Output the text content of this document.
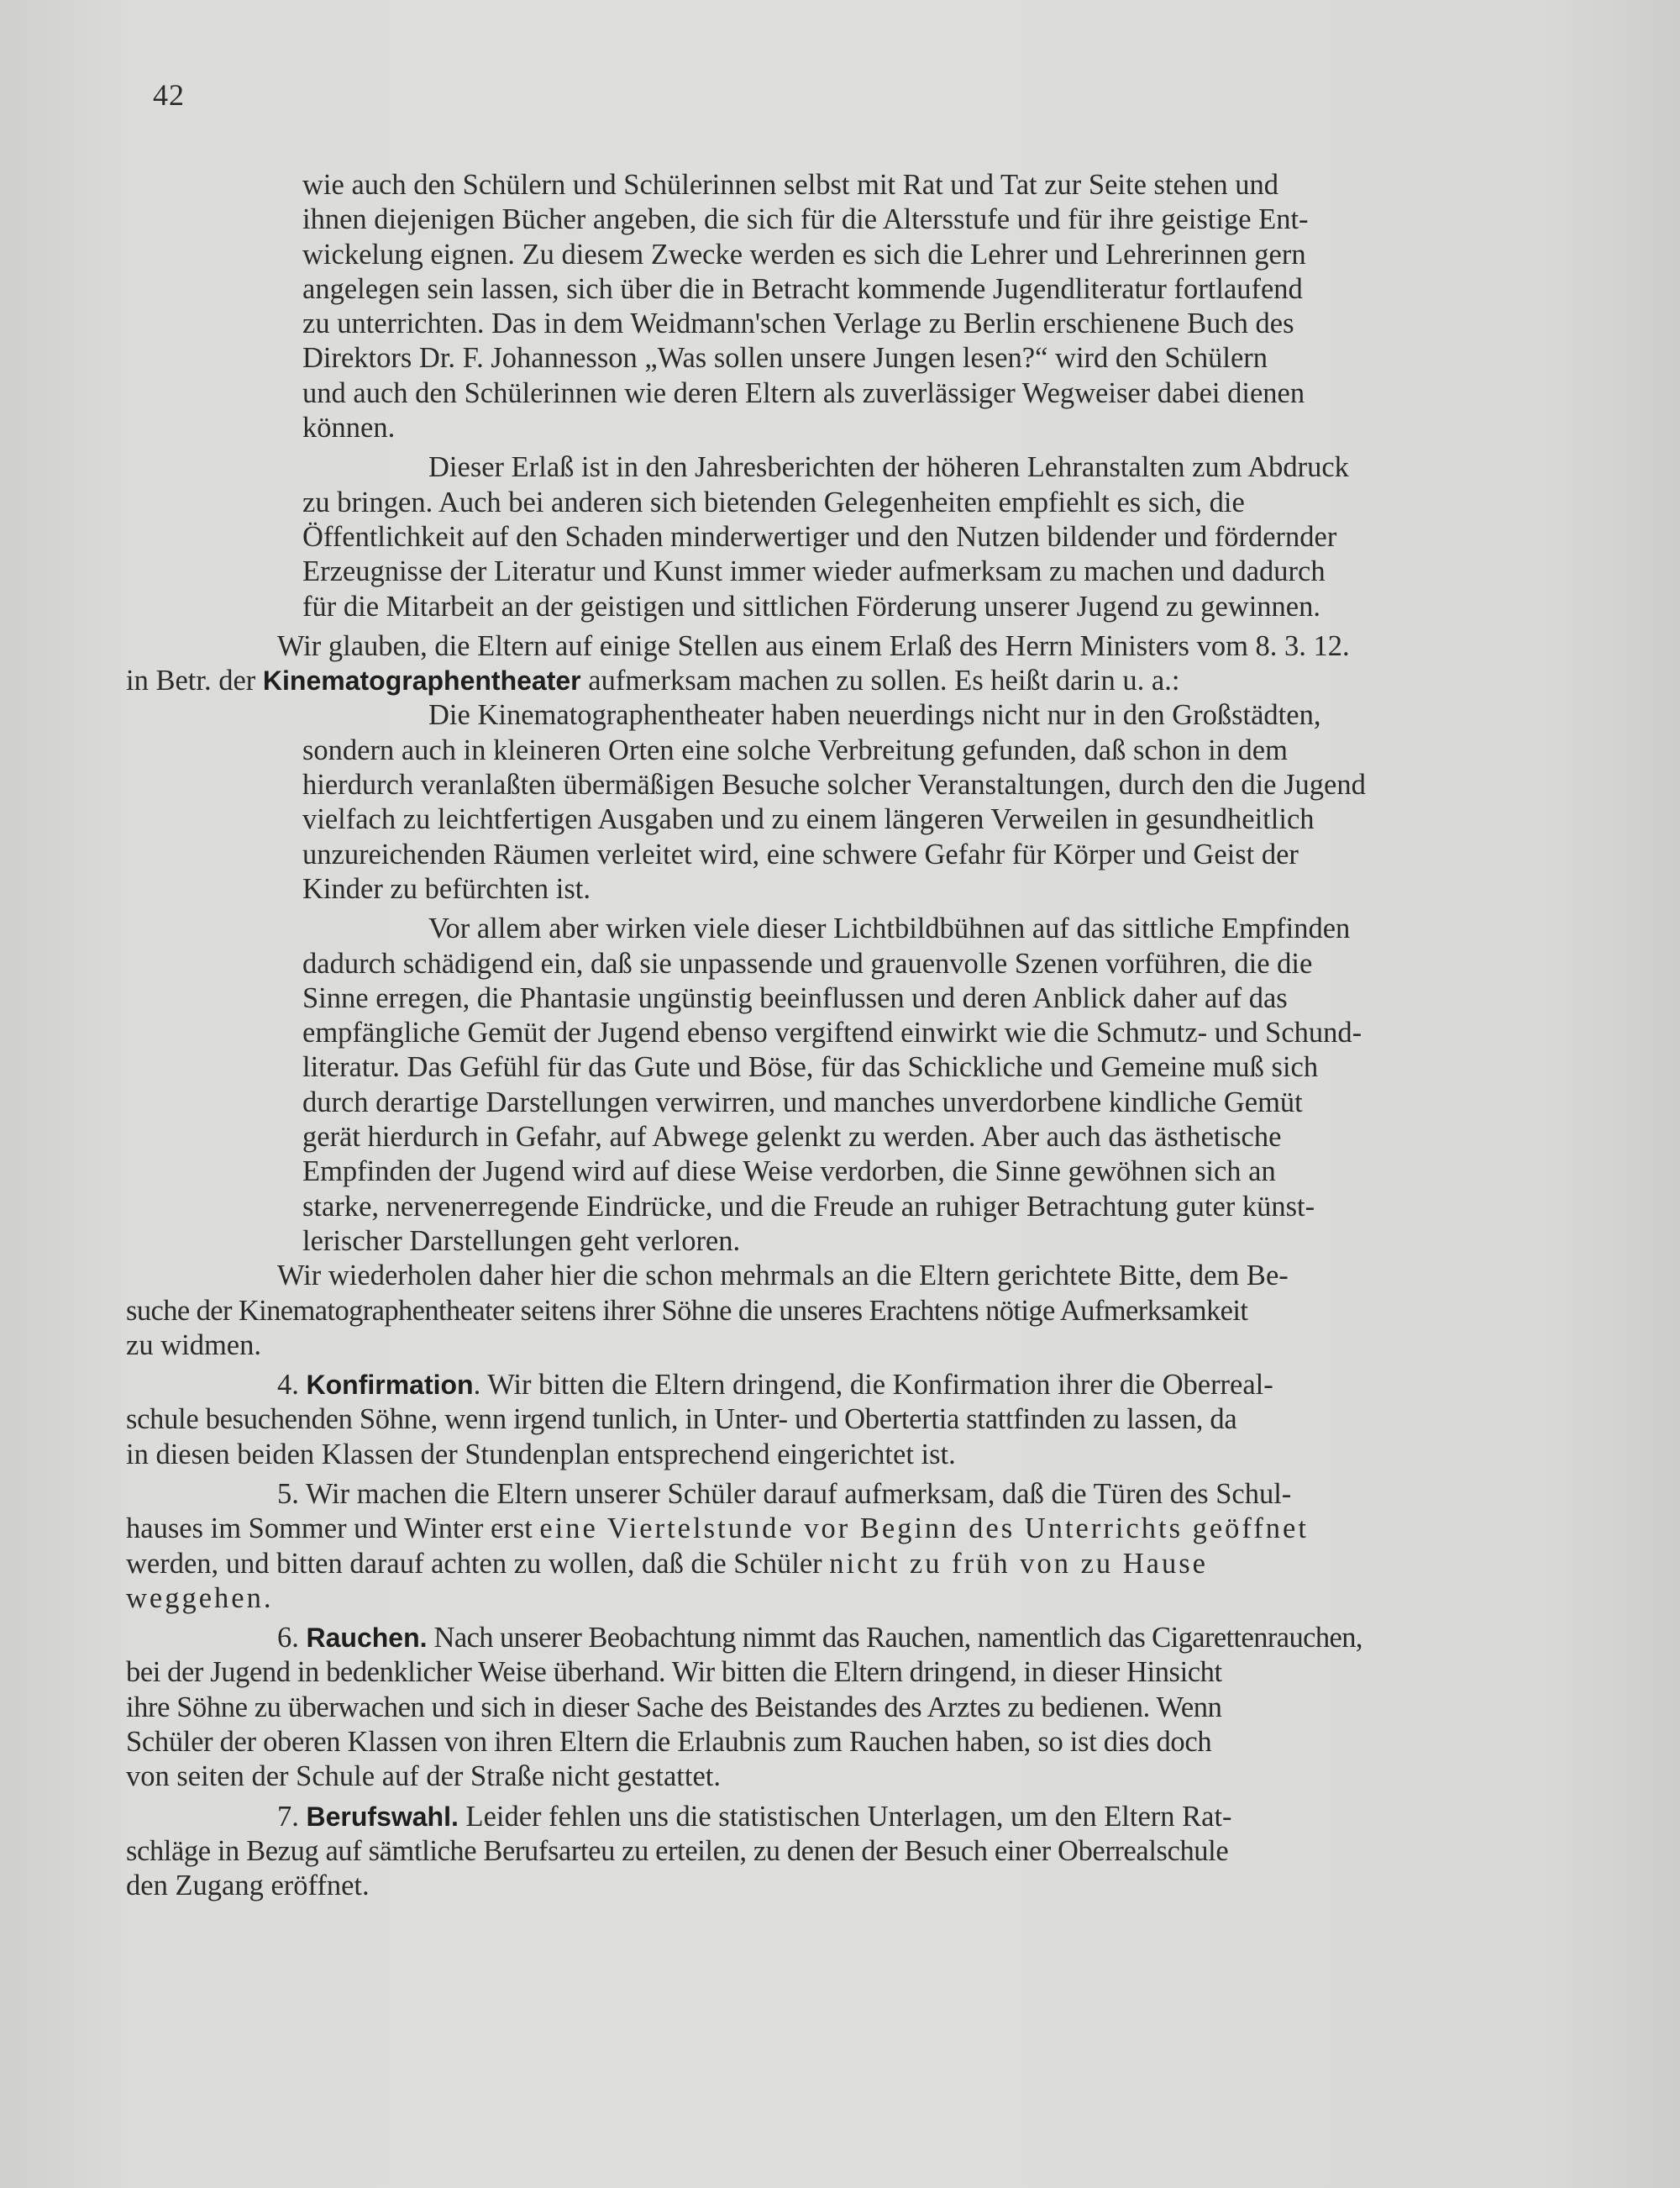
42
wie auch den Schülern und Schülerinnen selbst mit Rat und Tat zur Seite stehen und
ihnen diejenigen Bücher angeben, die sich für die Altersstufe und für ihre geistige Ent-
wickelung eignen. Zu diesem Zwecke werden es sich die Lehrer und Lehrerinnen gern
angelegen sein lassen, sich über die in Betracht kommende Jugendliteratur fortlaufend
zu unterrichten. Das in dem Weidmann'schen Verlage zu Berlin erschienene Buch des
Direktors Dr. F. Johannesson „Was sollen unsere Jungen lesen?“ wird den Schülern
und auch den Schülerinnen wie deren Eltern als zuverlässiger Wegweiser dabei dienen
können.
Dieser Erlaß ist in den Jahresberichten der höheren Lehranstalten zum Abdruck
zu bringen. Auch bei anderen sich bietenden Gelegenheiten empfiehlt es sich, die
Öffentlichkeit auf den Schaden minderwertiger und den Nutzen bildender und fördernder
Erzeugnisse der Literatur und Kunst immer wieder aufmerksam zu machen und dadurch
für die Mitarbeit an der geistigen und sittlichen Förderung unserer Jugend zu gewinnen.
Wir glauben, die Eltern auf einige Stellen aus einem Erlaß des Herrn Ministers vom 8. 3. 12.
in Betr. der Kinematographentheater aufmerksam machen zu sollen. Es heißt darin u. a.:
Die Kinematographentheater haben neuerdings nicht nur in den Großstädten,
sondern auch in kleineren Orten eine solche Verbreitung gefunden, daß schon in dem
hierdurch veranlaßten übermäßigen Besuche solcher Veranstaltungen, durch den die Jugend
vielfach zu leichtfertigen Ausgaben und zu einem längeren Verweilen in gesundheitlich
unzureichenden Räumen verleitet wird, eine schwere Gefahr für Körper und Geist der
Kinder zu befürchten ist.
Vor allem aber wirken viele dieser Lichtbildbühnen auf das sittliche Empfinden
dadurch schädigend ein, daß sie unpassende und grauenvolle Szenen vorführen, die die
Sinne erregen, die Phantasie ungünstig beeinflussen und deren Anblick daher auf das
empfängliche Gemüt der Jugend ebenso vergiftend einwirkt wie die Schmutz- und Schund-
literatur. Das Gefühl für das Gute und Böse, für das Schickliche und Gemeine muß sich
durch derartige Darstellungen verwirren, und manches unverdorbene kindliche Gemüt
gerät hierdurch in Gefahr, auf Abwege gelenkt zu werden. Aber auch das ästhetische
Empfinden der Jugend wird auf diese Weise verdorben, die Sinne gewöhnen sich an
starke, nervenerregende Eindrücke, und die Freude an ruhiger Betrachtung guter künst-
lerischer Darstellungen geht verloren.
Wir wiederholen daher hier die schon mehrmals an die Eltern gerichtete Bitte, dem Be-
suche der Kinematographentheater seitens ihrer Söhne die unseres Erachtens nötige Aufmerksamkeit
zu widmen.
4. Konfirmation. Wir bitten die Eltern dringend, die Konfirmation ihrer die Oberreal-
schule besuchenden Söhne, wenn irgend tunlich, in Unter- und Obertertia stattfinden zu lassen, da
in diesen beiden Klassen der Stundenplan entsprechend eingerichtet ist.
5. Wir machen die Eltern unserer Schüler darauf aufmerksam, daß die Türen des Schul-
hauses im Sommer und Winter erst eine Viertelstunde vor Beginn des Unterrichts geöffnet
werden, und bitten darauf achten zu wollen, daß die Schüler nicht zu früh von zu Hause
weggehen.
6. Rauchen. Nach unserer Beobachtung nimmt das Rauchen, namentlich das Cigarettenrauchen,
bei der Jugend in bedenklicher Weise überhand. Wir bitten die Eltern dringend, in dieser Hinsicht
ihre Söhne zu überwachen und sich in dieser Sache des Beistandes des Arztes zu bedienen. Wenn
Schüler der oberen Klassen von ihren Eltern die Erlaubnis zum Rauchen haben, so ist dies doch
von seiten der Schule auf der Straße nicht gestattet.
7. Berufswahl. Leider fehlen uns die statistischen Unterlagen, um den Eltern Rat-
schläge in Bezug auf sämtliche Berufsarteu zu erteilen, zu denen der Besuch einer Oberrealschule
den Zugang eröffnet.
